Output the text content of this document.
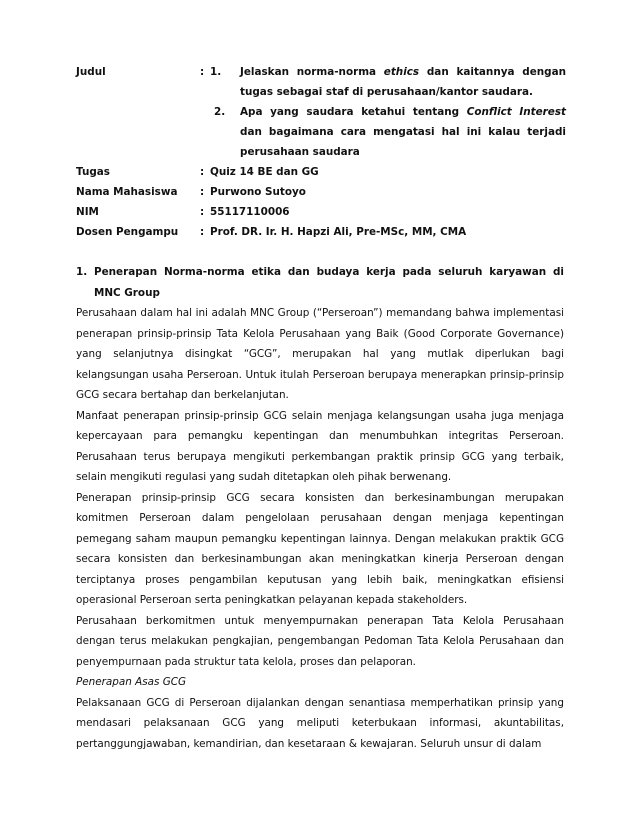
Judul	: 1.	Jelaskan norma-norma ethics dan kaitannya dengan tugas sebagai staf di perusahaan/kantor saudara.
2.	Apa yang saudara ketahui tentang Conflict Interest dan bagaimana cara mengatasi hal ini kalau terjadi perusahaan saudara
Tugas	: Quiz 14 BE dan GG
Nama Mahasiswa	: Purwono Sutoyo
NIM	: 55117110006
Dosen Pengampu	: Prof. DR. Ir. H. Hapzi Ali, Pre-MSc, MM, CMA
1. Penerapan Norma-norma etika dan budaya kerja pada seluruh karyawan di MNC Group
Perusahaan dalam hal ini adalah MNC Group (“Perseroan”) memandang bahwa implementasi penerapan prinsip-prinsip Tata Kelola Perusahaan yang Baik (Good Corporate Governance) yang selanjutnya disingkat “GCG”, merupakan hal yang mutlak diperlukan bagi kelangsungan usaha Perseroan. Untuk itulah Perseroan berupaya menerapkan prinsip-prinsip GCG secara bertahap dan berkelanjutan.
Manfaat penerapan prinsip-prinsip GCG selain menjaga kelangsungan usaha juga menjaga kepercayaan para pemangku kepentingan dan menumbuhkan integritas Perseroan. Perusahaan terus berupaya mengikuti perkembangan praktik prinsip GCG yang terbaik, selain mengikuti regulasi yang sudah ditetapkan oleh pihak berwenang.
Penerapan prinsip-prinsip GCG secara konsisten dan berkesinambungan merupakan komitmen Perseroan dalam pengelolaan perusahaan dengan menjaga kepentingan pemegang saham maupun pemangku kepentingan lainnya. Dengan melakukan praktik GCG secara konsisten dan berkesinambungan akan meningkatkan kinerja Perseroan dengan terciptanya proses pengambilan keputusan yang lebih baik, meningkatkan efisiensi operasional Perseroan serta peningkatkan pelayanan kepada stakeholders.
Perusahaan berkomitmen untuk menyempurnakan penerapan Tata Kelola Perusahaan dengan terus melakukan pengkajian, pengembangan Pedoman Tata Kelola Perusahaan dan penyempurnaan pada struktur tata kelola, proses dan pelaporan.
Penerapan Asas GCG
Pelaksanaan GCG di Perseroan dijalankan dengan senantiasa memperhatikan prinsip yang mendasari pelaksanaan GCG yang meliputi keterbukaan informasi, akuntabilitas, pertanggungjawaban, kemandirian, dan kesetaraan & kewajaran. Seluruh unsur di dalam
